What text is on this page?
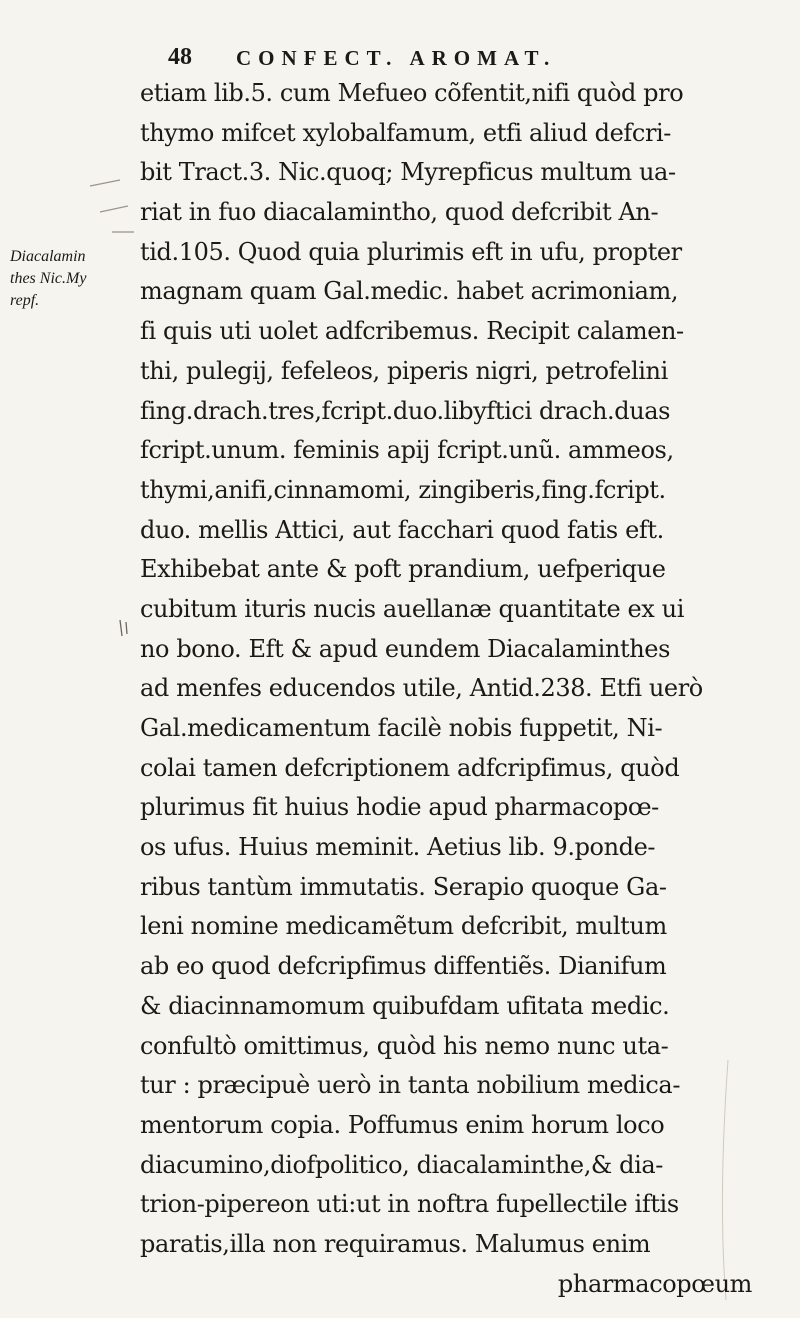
48 CONFECT. AROMAT.
Diacalamin
thes Nic.My
repf.
etiam lib.5. cum Mefueo cõfentit,nifi quòd pro
thymo mifcet xylobalfamum, etfi aliud defcri-
bit Tract.3. Nic.quoq; Myrepficus multum ua-
riat in fuo diacalamintho, quod defcribit An-
tid.105. Quod quia plurimis eft in ufu, propter
magnam quam Gal.medic. habet acrimoniam,
fi quis uti uolet adfcribemus. Recipit calamen-
thi, pulegij, fefeleos, piperis nigri, petrofelini
fing.drach.tres,fcript.duo.libyftici drach.duas
fcript.unum. feminis apij fcript.unũ. ammeos,
thymi,anifi,cinnamomi, zingiberis,fing.fcript.
duo. mellis Attici, aut facchari quod fatis eft.
Exhibebat ante & poft prandium, uefperique
cubitum ituris nucis auellanæ quantitate ex ui
no bono. Eft & apud eundem Diacalaminthes
ad menfes educendos utile, Antid.238. Etfi uerò
Gal.medicamentum facilè nobis fuppetit, Ni-
colai tamen defcriptionem adfcripfimus, quòd
plurimus fit huius hodie apud pharmacopœ-
os ufus. Huius meminit. Aetius lib. 9.ponde-
ribus tantùm immutatis. Serapio quoque Ga-
leni nomine medicamẽtum defcribit, multum
ab eo quod defcripfimus diffentiẽs. Dianifum
& diacinnamomum quibufdam ufitata medic.
confultò omittimus, quòd his nemo nunc uta-
tur : præcipuè uerò in tanta nobilium medica-
mentorum copia. Poffumus enim horum loco
diacumino,diofpolitico, diacalaminthe,& dia-
trion-pipereon uti:ut in noftra fupellectile iftis
paratis,illa non requiramus. Malumus enim
pharmacopœum
